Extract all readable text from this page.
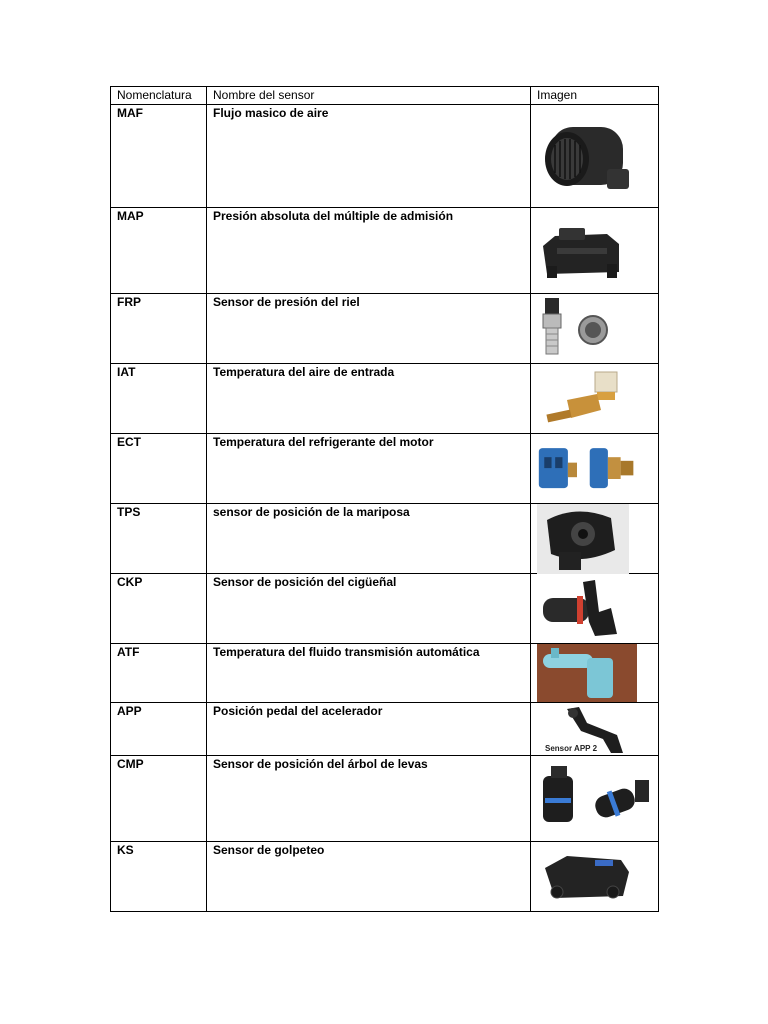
Nomenclatura	Nombre del sensor	Imagen
MAF	Flujo masico de aire	

MAP	Presión absoluta del múltiple de admisión	

FRP	Sensor de presión del riel	

IAT	Temperatura del aire de entrada	

ECT	Temperatura del refrigerante del motor	

TPS	sensor de posición de la mariposa	

CKP	Sensor de posición del cigüeñal	

ATF	Temperatura del fluido transmisión automática	

APP	Posición pedal del acelerador	Sensor APP 2

CMP	Sensor de posición del árbol de levas	

KS	Sensor de golpeteo	
